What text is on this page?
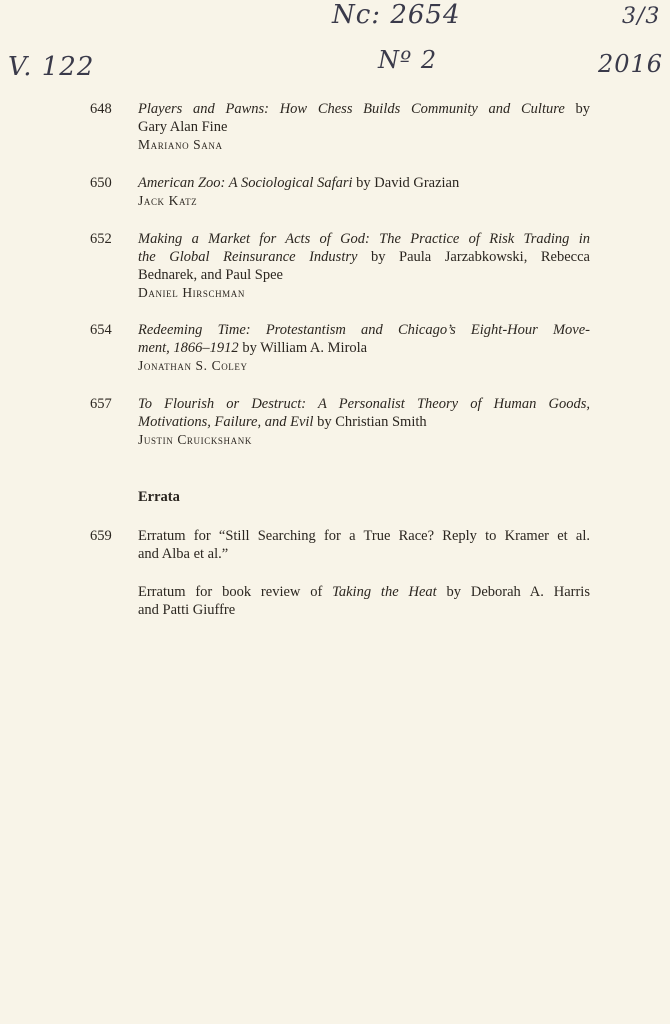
V. 122
Nc: 2654
Nº 2
3/3
2016
648 Players and Pawns: How Chess Builds Community and Culture by
Gary Alan Fine
Mariano Sana
650 American Zoo: A Sociological Safari by David Grazian
Jack Katz
652 Making a Market for Acts of God: The Practice of Risk Trading in
the Global Reinsurance Industry by Paula Jarzabkowski, Rebecca
Bednarek, and Paul Spee
Daniel Hirschman
654 Redeeming Time: Protestantism and Chicago’s Eight-Hour Move-
ment, 1866–1912 by William A. Mirola
Jonathan S. Coley
657 To Flourish or Destruct: A Personalist Theory of Human Goods,
Motivations, Failure, and Evil by Christian Smith
Justin Cruickshank
Errata
659 Erratum for “Still Searching for a True Race? Reply to Kramer et al.
and Alba et al.”
Erratum for book review of Taking the Heat by Deborah A. Harris
and Patti Giuffre
